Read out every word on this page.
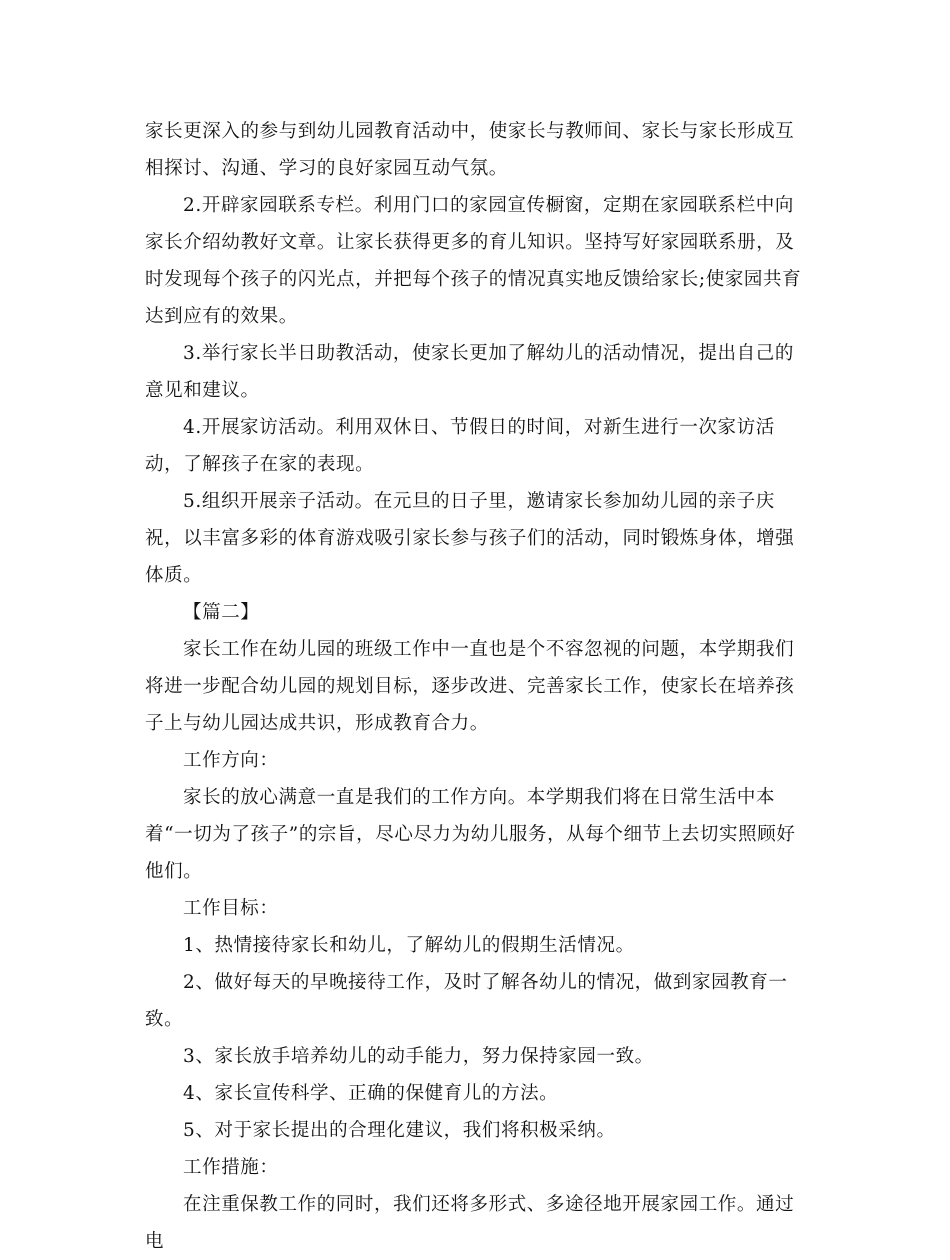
家长更深入的参与到幼儿园教育活动中，使家长与教师间、家长与家长形成互相探讨、沟通、学习的良好家园互动气氛。

2.开辟家园联系专栏。利用门口的家园宣传橱窗，定期在家园联系栏中向家长介绍幼教好文章。让家长获得更多的育儿知识。坚持写好家园联系册，及时发现每个孩子的闪光点，并把每个孩子的情况真实地反馈给家长;使家园共育达到应有的效果。

3.举行家长半日助教活动，使家长更加了解幼儿的活动情况，提出自己的意见和建议。

4.开展家访活动。利用双休日、节假日的时间，对新生进行一次家访活动，了解孩子在家的表现。

5.组织开展亲子活动。在元旦的日子里，邀请家长参加幼儿园的亲子庆祝，以丰富多彩的体育游戏吸引家长参与孩子们的活动，同时锻炼身体，增强体质。

【篇二】

家长工作在幼儿园的班级工作中一直也是个不容忽视的问题，本学期我们将进一步配合幼儿园的规划目标，逐步改进、完善家长工作，使家长在培养孩子上与幼儿园达成共识，形成教育合力。

工作方向：

家长的放心满意一直是我们的工作方向。本学期我们将在日常生活中本着“一切为了孩子”的宗旨，尽心尽力为幼儿服务，从每个细节上去切实照顾好他们。

工作目标：

1、热情接待家长和幼儿，了解幼儿的假期生活情况。

2、做好每天的早晚接待工作，及时了解各幼儿的情况，做到家园教育一致。

3、家长放手培养幼儿的动手能力，努力保持家园一致。

4、家长宣传科学、正确的保健育儿的方法。

5、对于家长提出的合理化建议，我们将积极采纳。

工作措施：

在注重保教工作的同时，我们还将多形式、多途径地开展家园工作。通过电
